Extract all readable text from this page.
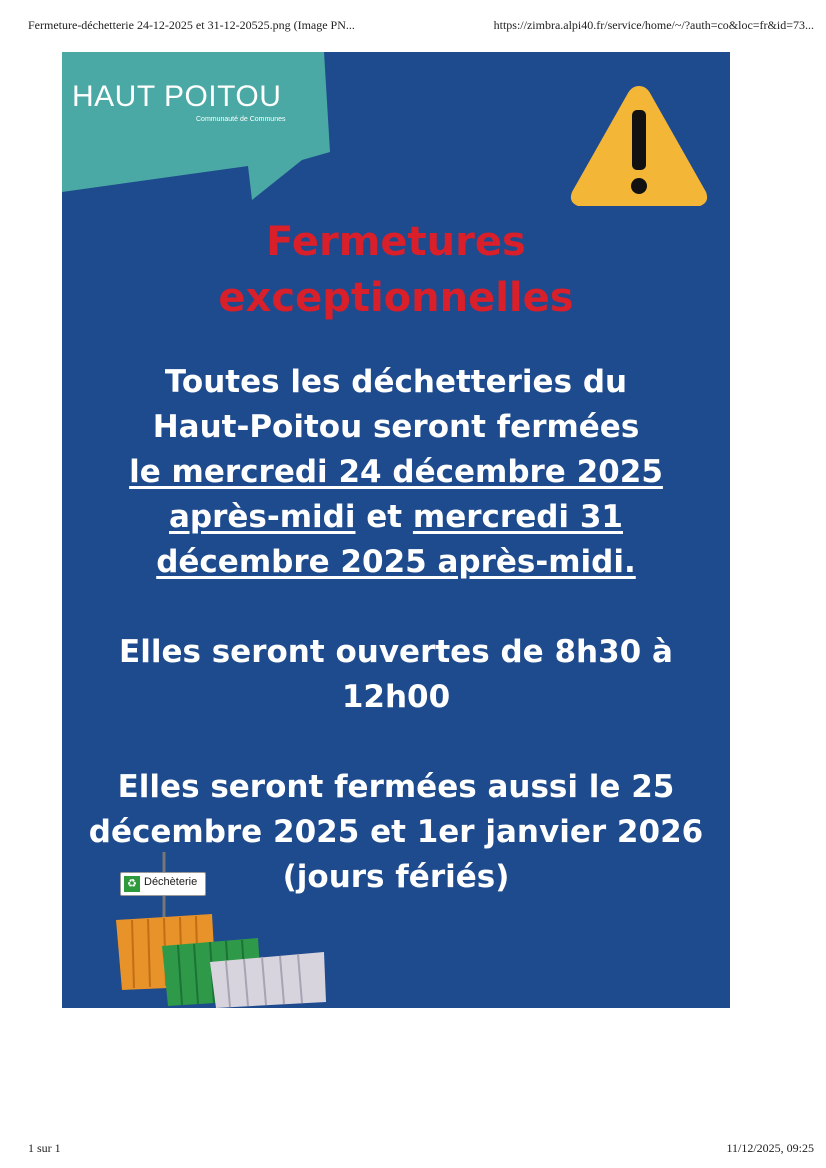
Fermeture-déchetterie 24-12-2025 et 31-12-20525.png (Image PN...	https://zimbra.alpi40.fr/service/home/~/?auth=co&loc=fr&id=73...
HAUT POITOU
Communauté de Communes
Fermetures
exceptionnelles
Toutes les déchetteries du
Haut-Poitou seront fermées
le mercredi 24 décembre 2025
après-midi et mercredi 31
décembre 2025 après-midi.
Elles seront ouvertes de 8h30 à
12h00
Elles seront fermées aussi le 25
décembre 2025 et 1er janvier 2026
(jours fériés)
♻ Déchèterie
1 sur 1	11/12/2025, 09:25
